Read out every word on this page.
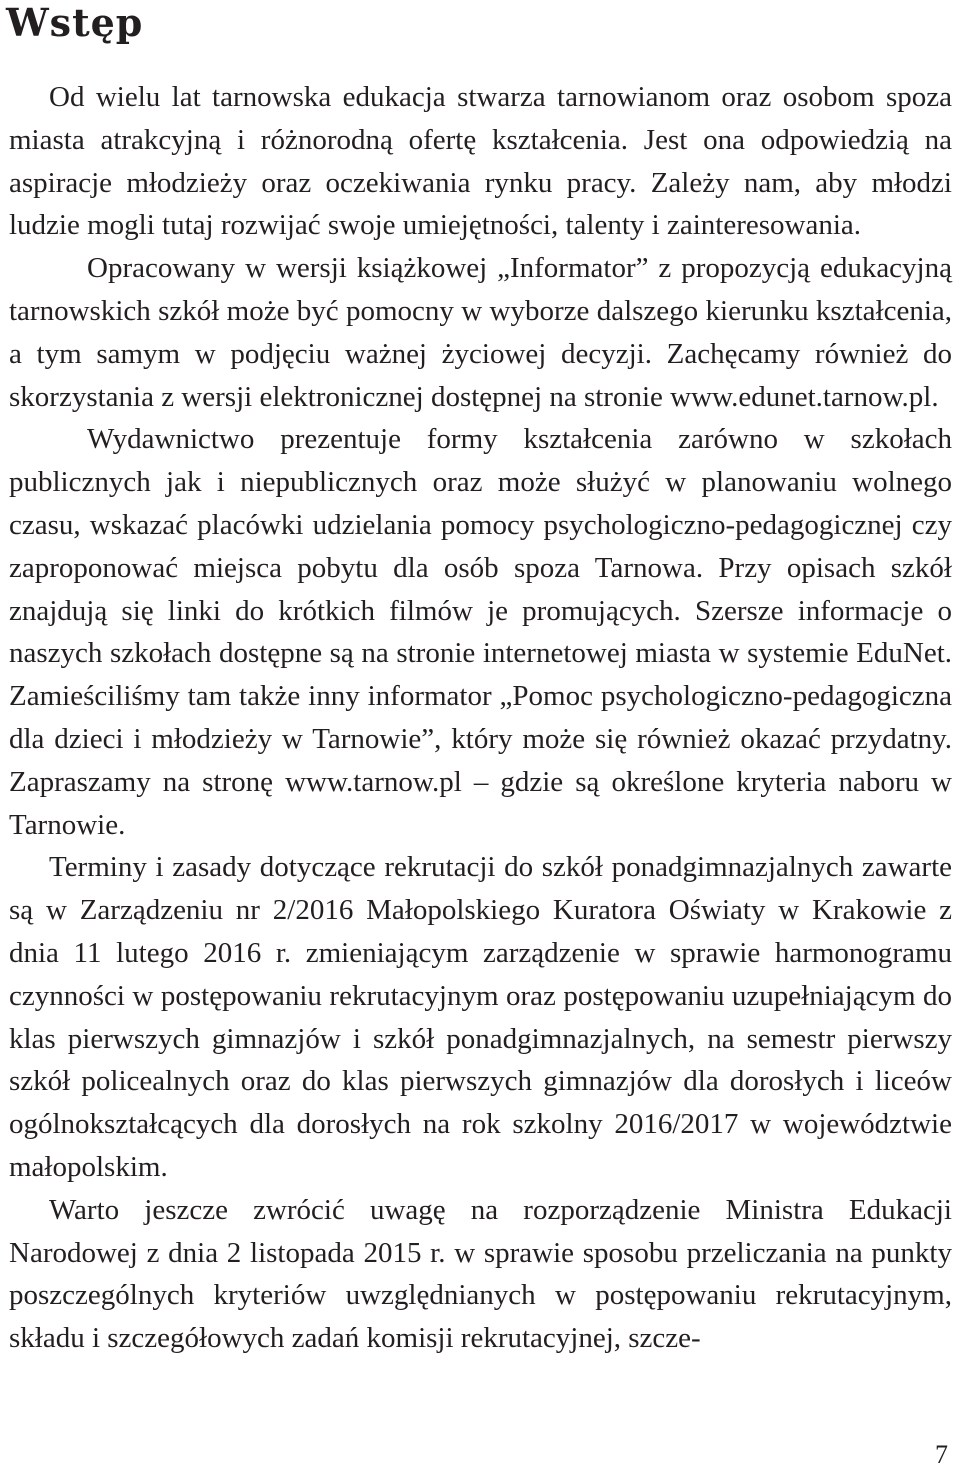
Wstęp

Od wielu lat tarnowska edukacja stwarza tarnowianom oraz osobom spoza miasta atrakcyjną i różnorodną ofertę kształcenia. Jest ona odpowiedzią na aspiracje młodzieży oraz oczekiwania rynku pracy. Zależy nam, aby młodzi ludzie mogli tutaj rozwijać swoje umiejętności, talenty i zainteresowania.

Opracowany w wersji książkowej „Informator” z propozycją edukacyjną tarnowskich szkół może być pomocny w wyborze dalszego kierunku kształcenia, a tym samym w podjęciu ważnej życiowej decyzji. Zachęcamy również do skorzystania z wersji elektronicznej dostępnej na stronie www.edunet.tarnow.pl.

Wydawnictwo prezentuje formy kształcenia zarówno w szkołach publicznych jak i niepublicznych oraz może służyć w planowaniu wolnego czasu, wskazać placówki udzielania pomocy psychologiczno-pedagogicznej czy zaproponować miejsca pobytu dla osób spoza Tarnowa. Przy opisach szkół znajdują się linki do krótkich filmów je promujących. Szersze informacje o naszych szkołach dostępne są na stronie internetowej miasta w systemie EduNet. Zamieściliśmy tam także inny informator „Pomoc psychologiczno-pedagogiczna dla dzieci i młodzieży w Tarnowie”, który może się również okazać przydatny. Zapraszamy na stronę www.tarnow.pl – gdzie są określone kryteria naboru w Tarnowie.

Terminy i zasady dotyczące rekrutacji do szkół ponadgimnazjalnych zawarte są w Zarządzeniu nr 2/2016 Małopolskiego Kuratora Oświaty w Krakowie z dnia 11 lutego 2016 r. zmieniającym zarządzenie w sprawie harmonogramu czynności w postępowaniu rekrutacyjnym oraz postępowaniu uzupełniającym do klas pierwszych gimnazjów i szkół ponadgimnazjalnych, na semestr pierwszy szkół policealnych oraz do klas pierwszych gimnazjów dla dorosłych i liceów ogólnokształcących dla dorosłych na rok szkolny 2016/2017 w województwie małopolskim.

Warto jeszcze zwrócić uwagę na rozporządzenie Ministra Edukacji Narodowej z dnia 2 listopada 2015 r. w sprawie sposobu przeliczania na punkty poszczególnych kryteriów uwzględnianych w postępowaniu rekrutacyjnym, składu i szczegółowych zadań komisji rekrutacyjnej, szcze-

7
